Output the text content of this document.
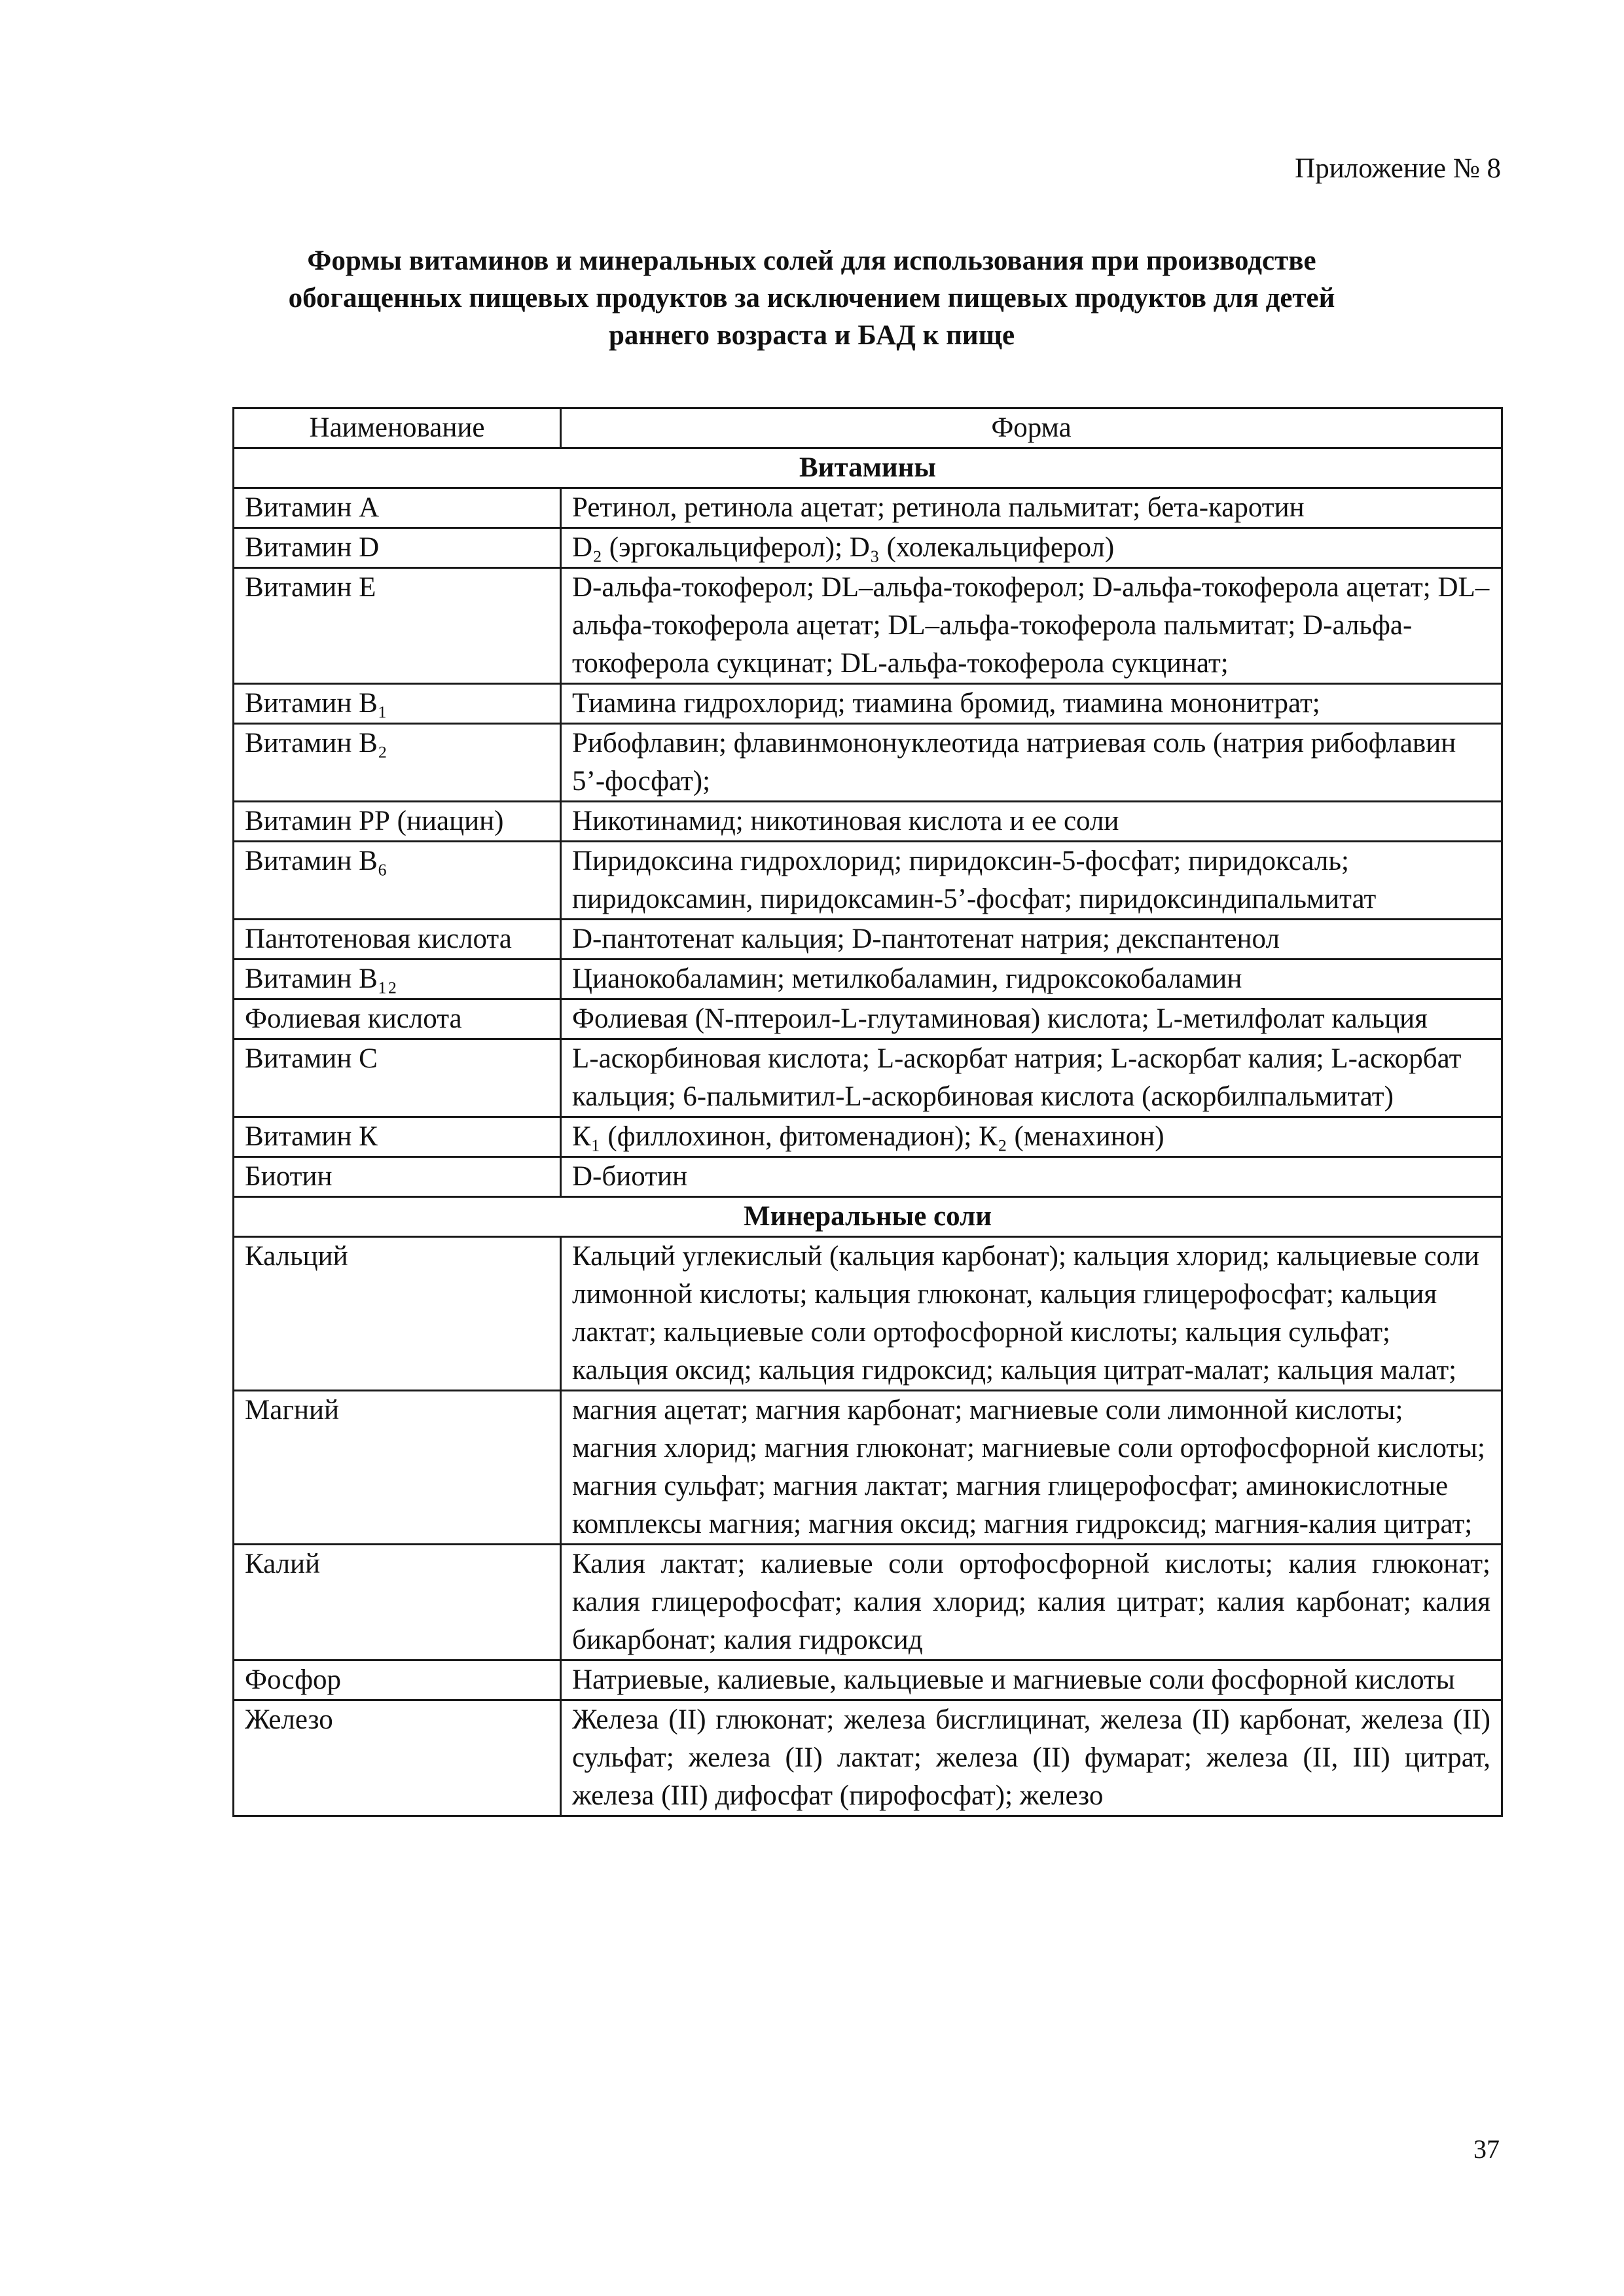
Приложение № 8
Формы витаминов и минеральных солей для использования при производстве
обогащенных пищевых продуктов за исключением пищевых продуктов для детей
раннего возраста и БАД к пище
Наименование	Форма
Витамины	
Витамин А	Ретинол, ретинола ацетат; ретинола пальмитат; бета-каротин
Витамин D	D₂ (эргокальциферол); D₃ (холекальциферол)
Витамин Е	D-альфа-токоферол; DL–альфа-токоферол; D-альфа-токоферола ацетат; DL–альфа-токоферола ацетат; DL–альфа-токоферола пальмитат; D-альфа-токоферола сукцинат; DL-альфа-токоферола сукцинат;
Витамин В₁	Тиамина гидрохлорид; тиамина бромид, тиамина мононитрат;
Витамин В₂	Рибофлавин; флавинмононуклеотида натриевая соль (натрия рибофлавин 5’-фосфат);
Витамин РР (ниацин)	Никотинамид; никотиновая кислота и ее соли
Витамин В₆	Пиридоксина гидрохлорид; пиридоксин-5-фосфат; пиридоксаль; пиридоксамин, пиридоксамин-5’-фосфат; пиридоксиндипальмитат
Пантотеновая кислота	D-пантотенат кальция; D-пантотенат натрия; декспантенол
Витамин В₁₂	Цианокобаламин; метилкобаламин, гидроксокобаламин
Фолиевая кислота	Фолиевая (N-птероил-L-глутаминовая) кислота; L-метилфолат кальция
Витамин С	L-аскорбиновая кислота; L-аскорбат натрия; L-аскорбат калия; L-аскорбат кальция; 6-пальмитил-L-аскорбиновая кислота (аскорбилпальмитат)
Витамин К	К₁ (филлохинон, фитоменадион); К₂ (менахинон)
Биотин	D-биотин
Минеральные соли	
Кальций	Кальций углекислый (кальция карбонат); кальция хлорид; кальциевые соли лимонной кислоты; кальция глюконат, кальция глицерофосфат; кальция лактат; кальциевые соли ортофосфорной кислоты; кальция сульфат; кальция оксид; кальция гидроксид; кальция цитрат-малат; кальция малат;
Магний	магния ацетат; магния карбонат; магниевые соли лимонной кислоты; магния хлорид; магния глюконат; магниевые соли ортофосфорной кислоты; магния сульфат; магния лактат; магния глицерофосфат; аминокислотные комплексы магния; магния оксид; магния гидроксид; магния-калия цитрат;
Калий	Калия лактат; калиевые соли ортофосфорной кислоты; калия глюконат; калия глицерофосфат; калия хлорид; калия цитрат; калия карбонат; калия бикарбонат; калия гидроксид
Фосфор	Натриевые, калиевые, кальциевые и магниевые соли фосфорной кислоты
Железо	Железа (II) глюконат; железа бисглицинат, железа (II) карбонат, железа (II) сульфат; железа (II) лактат; железа (II) фумарат; железа (II, III) цитрат, железа (III) дифосфат (пирофосфат); железо
37
